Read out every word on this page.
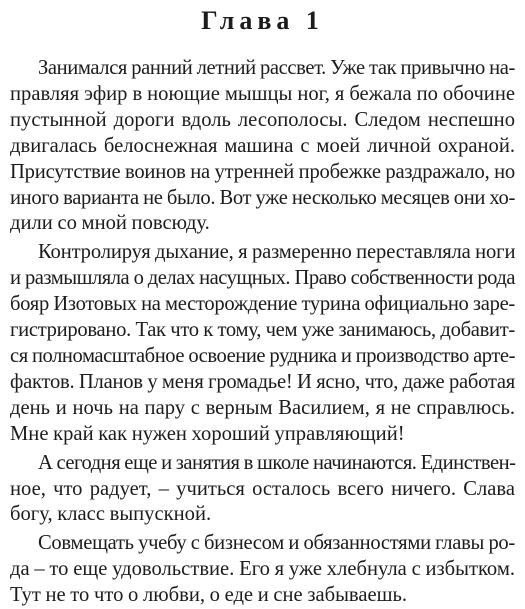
Глава 1

Занимался ранний летний рассвет. Уже так привычно на-
правляя эфир в ноющие мышцы ног, я бежала по обочине
пустынной дороги вдоль лесополосы. Следом неспешно
двигалась белоснежная машина с моей личной охраной.
Присутствие воинов на утренней пробежке раздражало, но
иного варианта не было. Вот уже несколько месяцев они хо-
дили со мной повсюду.

Контролируя дыхание, я размеренно переставляла ноги
и размышляла о делах насущных. Право собственности рода
бояр Изотовых на месторождение турина официально заре-
гистрировано. Так что к тому, чем уже занимаюсь, добавит-
ся полномасштабное освоение рудника и производство арте-
фактов. Планов у меня громадье! И ясно, что, даже работая
день и ночь на пару с верным Василием, я не справлюсь.
Мне край как нужен хороший управляющий!

А сегодня еще и занятия в школе начинаются. Единствен-
ное, что радует, – учиться осталось всего ничего. Слава
богу, класс выпускной.

Совмещать учебу с бизнесом и обязанностями главы ро-
да – то еще удовольствие. Его я уже хлебнула с избытком.
Тут не то что о любви, о еде и сне забываешь.
